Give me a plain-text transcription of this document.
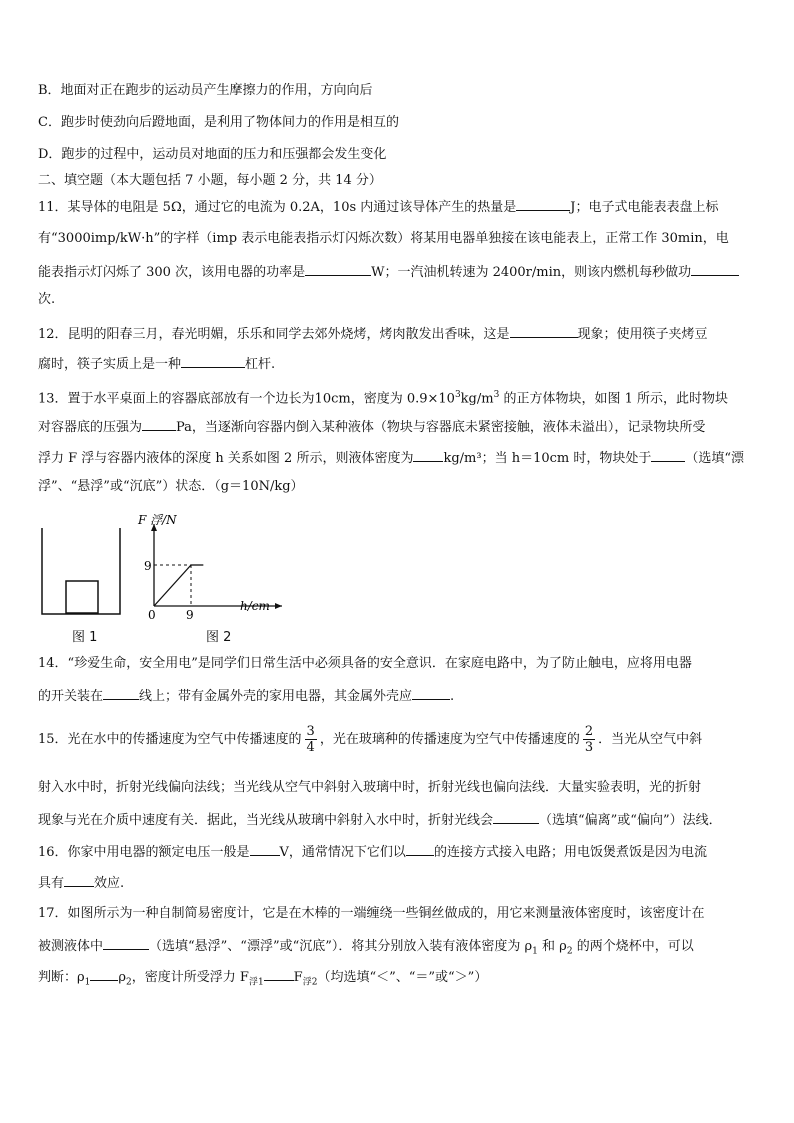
B．地面对正在跑步的运动员产生摩擦力的作用，方向向后
C．跑步时使劲向后蹬地面，是利用了物体间力的作用是相互的
D．跑步的过程中，运动员对地面的压力和压强都会发生变化
二、填空题（本大题包括 7 小题，每小题 2 分，共 14 分）
11．某导体的电阻是 5Ω，通过它的电流为 0.2A，10s 内通过该导体产生的热量是	J；电子式电能表表盘上标
有“3000imp/kW·h”的字样（imp 表示电能表指示灯闪烁次数）将某用电器单独接在该电能表上，正常工作 30min，电
能表指示灯闪烁了 300 次，该用电器的功率是	W；一汽油机转速为 2400r/min，则该内燃机每秒做功
次.
12．昆明的阳春三月，春光明媚，乐乐和同学去郊外烧烤，烤肉散发出香味，这是	现象；使用筷子夹烤豆
腐时，筷子实质上是一种	杠杆.
13．置于水平桌面上的容器底部放有一个边长为10cm，密度为 $0.9\times 10^3kg/m^3$ 的正方体物块，如图 1 所示，此时物块
对容器底的压强为	Pa，当逐渐向容器内倒入某种液体（物块与容器底未紧密接触，液体未溢出），记录物块所受
浮力 F 浮与容器内液体的深度 h 关系如图 2 所示，则液体密度为 kg/m³；当 h＝10cm 时，物块处于	（选填“漂
浮”、“悬浮”或“沉底”）状态．（g＝10N/kg）
图 1
F 浮/N
h/cm
9
9
0
图 2
14．“珍爱生命，安全用电”是同学们日常生活中必须具备的安全意识．在家庭电路中，为了防止触电，应将用电器
的开关装在	线上；带有金属外壳的家用电器，其金属外壳应	.
15．光在水中的传播速度为空气中传播速度的 $\frac{3}{4}$ ，光在玻璃种的传播速度为空气中传播速度的 $\frac{2}{3}$ ．当光从空气中斜
射入水中时，折射光线偏向法线；当光线从空气中斜射入玻璃中时，折射光线也偏向法线．大量实验表明，光的折射
现象与光在介质中速度有关．据此，当光线从玻璃中斜射入水中时，折射光线会	（选填“偏离”或“偏向”）法线．
16．你家中用电器的额定电压一般是 V，通常情况下它们以 的连接方式接入电路；用电饭煲煮饭是因为电流
具有 效应.
17．如图所示为一种自制简易密度计，它是在木棒的一端缠绕一些铜丝做成的，用它来测量液体密度时，该密度计在
被测液体中	（选填“悬浮”、“漂浮”或“沉底”）．将其分别放入装有液体密度为 $\rho_1$ 和 $\rho_2$ 的两个烧杯中，可以
判断：$\rho_1$ $\rho_2$，密度计所受浮力 $F_{浮1}$ $F_{浮2}$（均选填“＜”、“＝”或“＞”）
